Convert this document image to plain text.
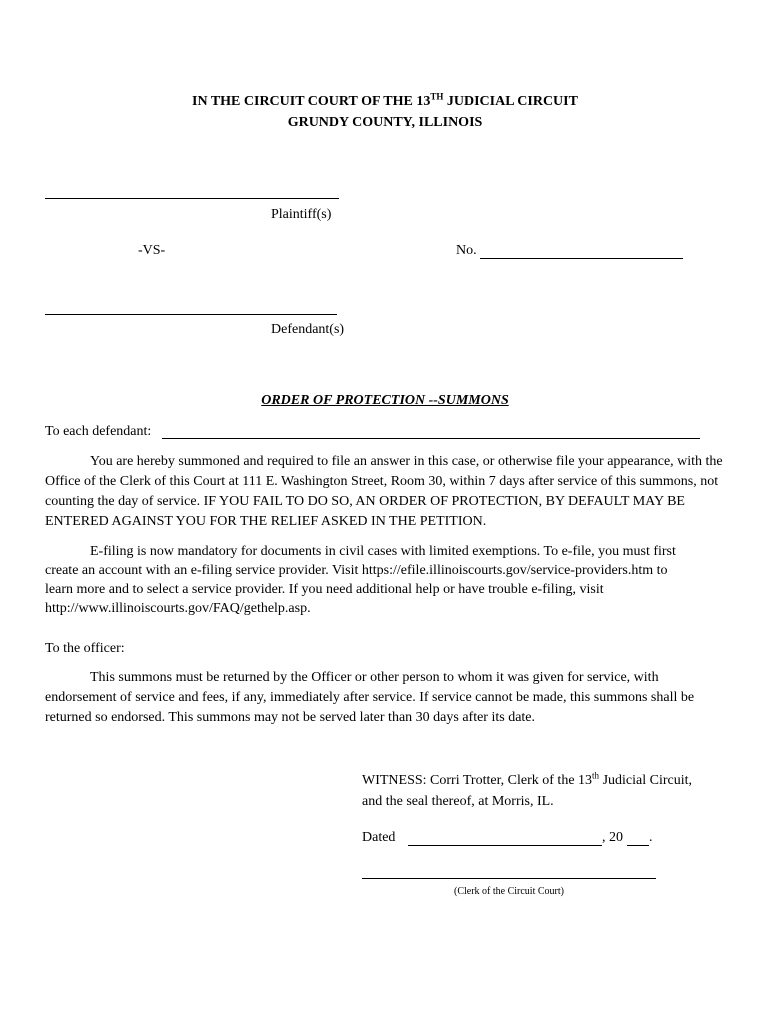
IN THE CIRCUIT COURT OF THE 13TH JUDICIAL CIRCUIT
GRUNDY COUNTY, ILLINOIS
Plaintiff(s)
-VS-	No.
Defendant(s)
ORDER OF PROTECTION --SUMMONS
To each defendant:
You are hereby summoned and required to file an answer in this case, or otherwise file your appearance, with the Office of the Clerk of this Court at 111 E. Washington Street, Room 30, within 7 days after service of this summons, not counting the day of service. IF YOU FAIL TO DO SO, AN ORDER OF PROTECTION, BY DEFAULT MAY BE ENTERED AGAINST YOU FOR THE RELIEF ASKED IN THE PETITION.
E-filing is now mandatory for documents in civil cases with limited exemptions. To e-file, you must first create an account with an e-filing service provider. Visit https://efile.illinoiscourts.gov/service-providers.htm to learn more and to select a service provider. If you need additional help or have trouble e-filing, visit http://www.illinoiscourts.gov/FAQ/gethelp.asp.
To the officer:
This summons must be returned by the Officer or other person to whom it was given for service, with endorsement of service and fees, if any, immediately after service. If service cannot be made, this summons shall be returned so endorsed. This summons may not be served later than 30 days after its date.
WITNESS: Corri Trotter, Clerk of the 13th Judicial Circuit,
and the seal thereof, at Morris, IL.
Dated	, 20 .
(Clerk of the Circuit Court)
